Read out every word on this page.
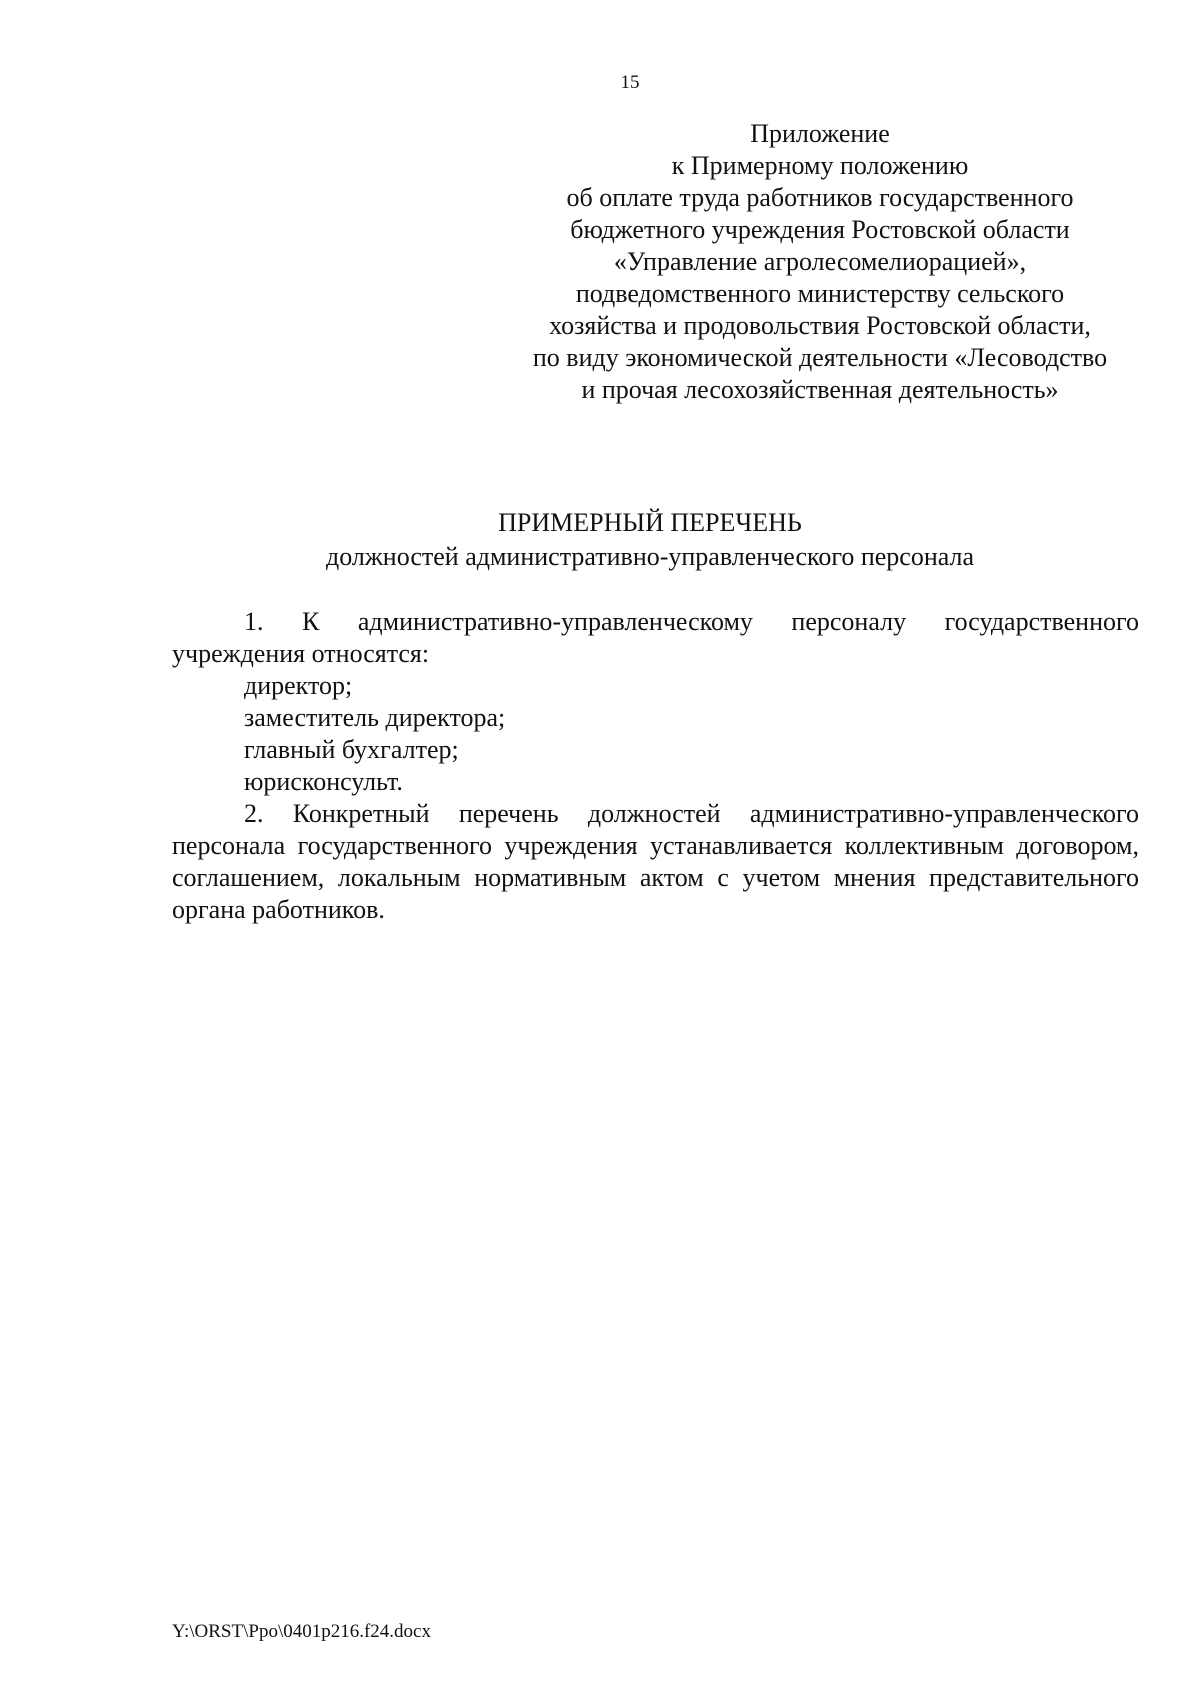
15
Приложение
к Примерному положению
об оплате труда работников государственного
бюджетного учреждения Ростовской области
«Управление агролесомелиорацией»,
подведомственного министерству сельского
хозяйства и продовольствия Ростовской области,
по виду экономической деятельности «Лесоводство
и прочая лесохозяйственная деятельность»
ПРИМЕРНЫЙ ПЕРЕЧЕНЬ
должностей административно-управленческого персонала

1. К административно-управленческому персоналу государственного учреждения относятся:

директор;

заместитель директора;

главный бухгалтер;

юрисконсульт.

2. Конкретный перечень должностей административно-управленческого персонала государственного учреждения устанавливается коллективным договором, соглашением, локальным нормативным актом с учетом мнения представительного органа работников.

Y:\ORST\Ppo\0401p216.f24.docx
